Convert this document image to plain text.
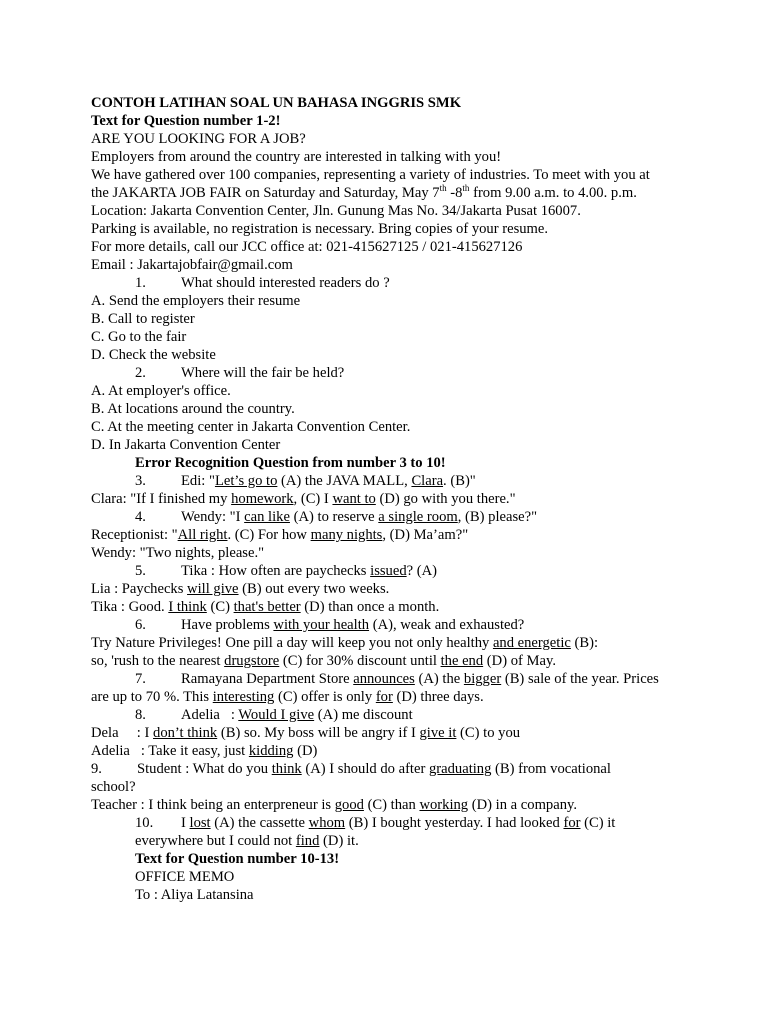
CONTOH LATIHAN SOAL UN BAHASA INGGRIS SMK
Text for Question number 1-2!
ARE YOU LOOKING FOR A JOB?
Employers from around the country are interested in talking with you!
We have gathered over 100 companies, representing a variety of industries. To meet with you at
the JAKARTA JOB FAIR on Saturday and Saturday, May 7th -8th from 9.00 a.m. to 4.00. p.m.
Location: Jakarta Convention Center, Jln. Gunung Mas No. 34/Jakarta Pusat 16007.
Parking is available, no registration is necessary. Bring copies of your resume.
For more details, call our JCC office at: 021-415627125 / 021-415627126
Email : Jakartajobfair@gmail.com
1. What should interested readers do ?
A. Send the employers their resume
B. Call to register
C. Go to the fair
D. Check the website
2. Where will the fair be held?
A. At employer's office.
B. At locations around the country.
C. At the meeting center in Jakarta Convention Center.
D. In Jakarta Convention Center
Error Recognition Question from number 3 to 10!
3. Edi: "Let’s go to (A) the JAVA MALL, Clara. (B)"
Clara: "If I finished my homework, (C) I want to (D) go with you there."
4. Wendy: "I can like (A) to reserve a single room, (B) please?"
Receptionist: "All right. (C) For how many nights, (D) Ma’am?"
Wendy: "Two nights, please."
5. Tika : How often are paychecks issued? (A)
Lia : Paychecks will give (B) out every two weeks.
Tika : Good. I think (C) that's better (D) than once a month.
6. Have problems with your health (A), weak and exhausted?
Try Nature Privileges! One pill a day will keep you not only healthy and energetic (B):
so, 'rush to the nearest drugstore (C) for 30% discount until the end (D) of May.
7. Ramayana Department Store announces (A) the bigger (B) sale of the year. Prices
are up to 70 %. This interesting (C) offer is only for (D) three days.
8. Adelia   : Would I give (A) me discount
Dela     : I don’t think (B) so. My boss will be angry if I give it (C) to you
Adelia   : Take it easy, just kidding (D)
9. Student : What do you think (A) I should do after graduating (B) from vocational
school?
Teacher : I think being an enterpreneur is good (C) than working (D) in a company.
10. I lost (A) the cassette whom (B) I bought yesterday. I had looked for (C) it
everywhere but I could not find (D) it.
Text for Question number 10-13!
OFFICE MEMO
To : Aliya Latansina
